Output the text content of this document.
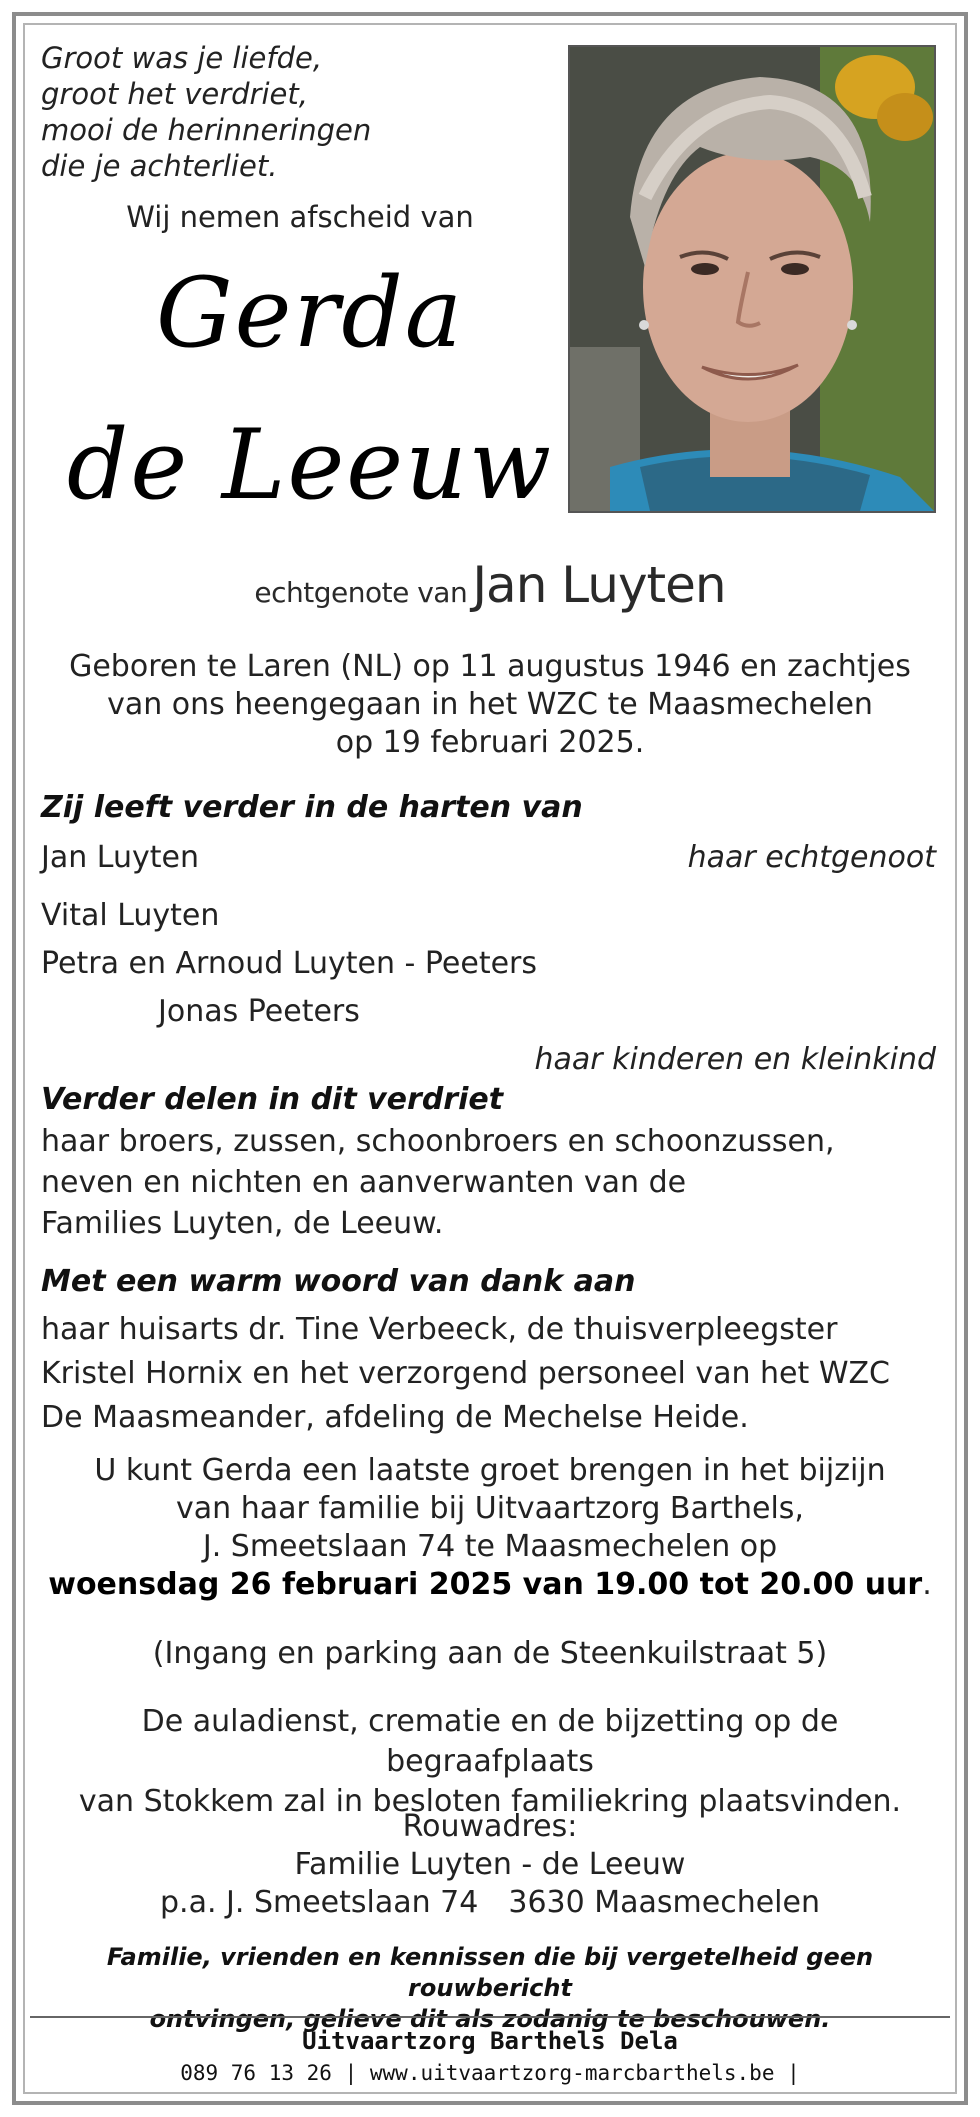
Groot was je liefde,
groot het verdriet,
mooi de herinneringen
die je achterliet.
Wij nemen afscheid van
Gerda
de Leeuw
echtgenote van Jan Luyten
Geboren te Laren (NL) op 11 augustus 1946 en zachtjes
van ons heengegaan in het WZC te Maasmechelen
op 19 februari 2025.
Zij leeft verder in de harten van
Jan Luyten	haar echtgenoot
Vital Luyten
Petra en Arnoud Luyten - Peeters
Jonas Peeters
haar kinderen en kleinkind
Verder delen in dit verdriet
haar broers, zussen, schoonbroers en schoonzussen,
neven en nichten en aanverwanten van de
Families Luyten, de Leeuw.
Met een warm woord van dank aan
haar huisarts dr. Tine Verbeeck, de thuisverpleegster
Kristel Hornix en het verzorgend personeel van het WZC
De Maasmeander, afdeling de Mechelse Heide.
U kunt Gerda een laatste groet brengen in het bijzijn
van haar familie bij Uitvaartzorg Barthels,
J. Smeetslaan 74 te Maasmechelen op
woensdag 26 februari 2025 van 19.00 tot 20.00 uur.
(Ingang en parking aan de Steenkuilstraat 5)
De auladienst, crematie en de bijzetting op de begraafplaats
van Stokkem zal in besloten familiekring plaatsvinden.
Rouwadres:
Familie Luyten - de Leeuw
p.a. J. Smeetslaan 74 3630 Maasmechelen
Familie, vrienden en kennissen die bij vergetelheid geen rouwbericht
ontvingen, gelieve dit als zodanig te beschouwen.
Uitvaartzorg Barthels Dela
089 76 13 26 | www.uitvaartzorg-marcbarthels.be |
